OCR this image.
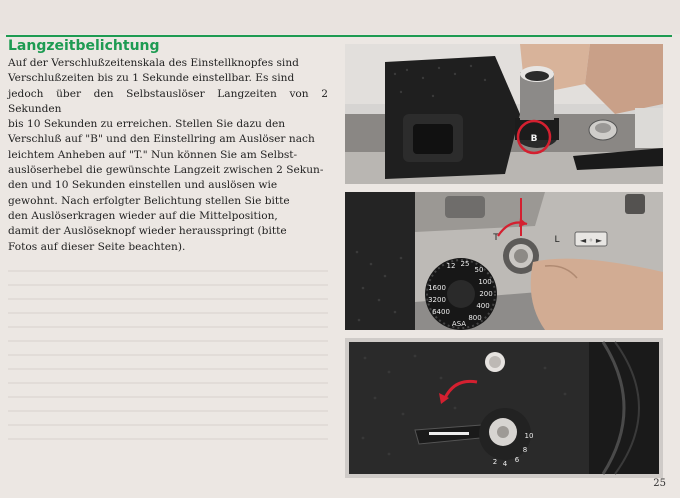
Langzeitbelichtung

Auf der Verschlußzeitenskala des Einstellknopfes sind
Verschlußzeiten bis zu 1 Sekunde einstellbar. Es sind
jedoch über den Selbstauslöser Langzeiten von 2 Sekunden
bis 10 Sekunden zu erreichen. Stellen Sie dazu den
Verschluß auf "B" und den Einstellring am Auslöser nach
leichtem Anheben auf "T." Nun können Sie am Selbst-
auslöserhebel die gewünschte Langzeit zwischen 2 Sekun-
den und 10 Sekunden einstellen und auslösen wie
gewohnt. Nach erfolgter Belichtung stellen Sie bitte
den Auslöserkragen wieder auf die Mittelposition,
damit der Auslöseknopf wieder herausspringt (bitte
Fotos auf dieser Seite beachten).

B
◄ ◦ ►
T	L
1600
3200
6400
12 25
50
100
200
400
800
ASA
2 4 6
8
10
25
